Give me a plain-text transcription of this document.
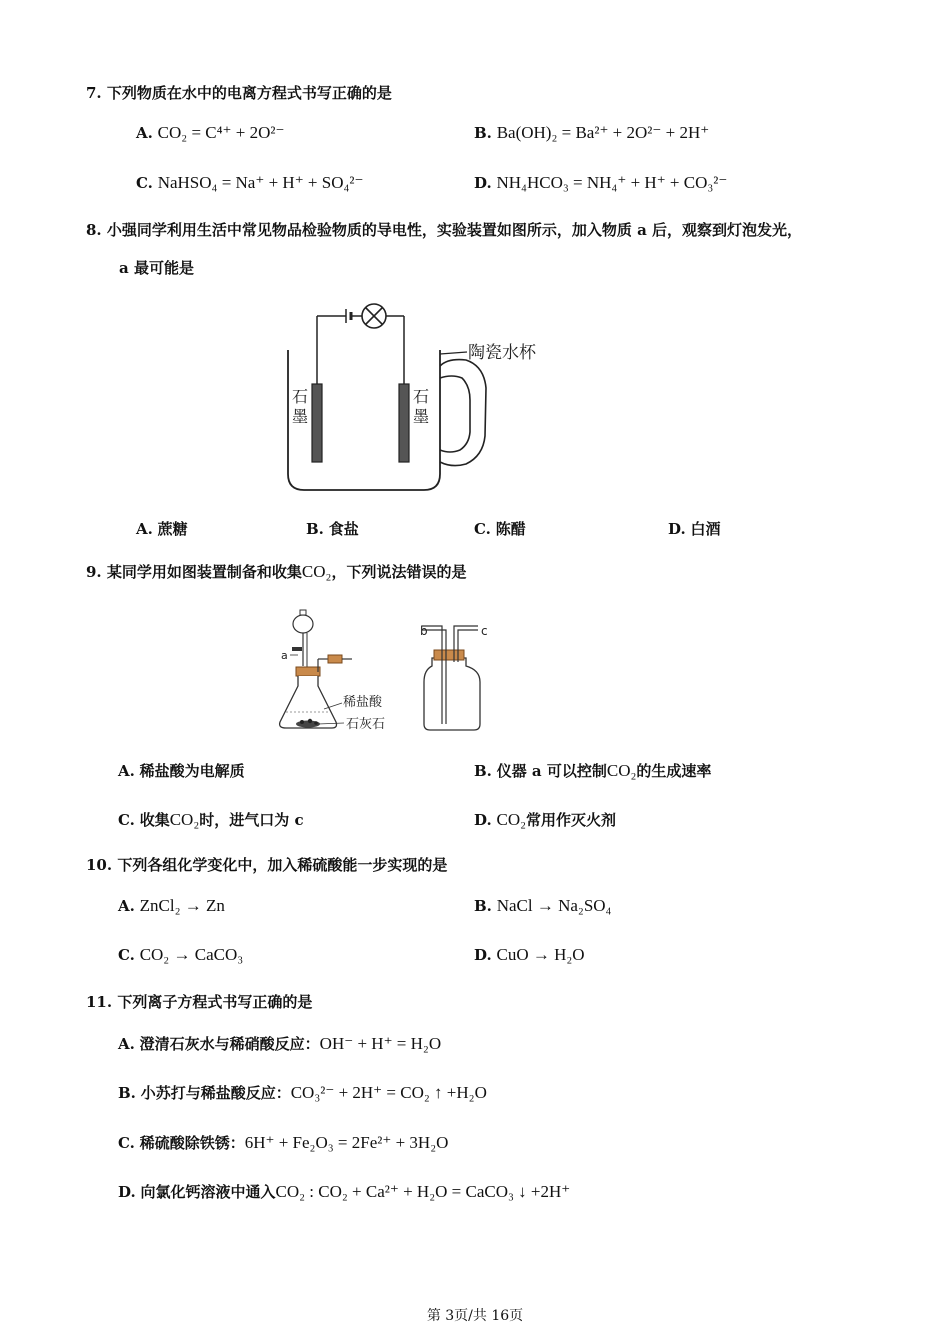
7. 下列物质在水中的电离方程式书写正确的是
A. CO₂ = C⁴⁺ + 2O²⁻	B. Ba(OH)₂ = Ba²⁺ + 2O²⁻ + 2H⁺
C. NaHSO₄ = Na⁺ + H⁺ + SO₄²⁻	D. NH₄HCO₃ = NH₄⁺ + H⁺ + CO₃²⁻
8. 小强同学利用生活中常见物品检验物质的导电性，实验装置如图所示，加入物质 a 后，观察到灯泡发光，
a 最可能是
陶瓷水杯
石
墨
石
墨
A. 蔗糖	B. 食盐	C. 陈醋	D. 白酒
9. 某同学用如图装置制备和收集CO₂，下列说法错误的是
a
b	c
稀盐酸
石灰石
A. 稀盐酸为电解质	B. 仪器 a 可以控制CO₂的生成速率
C. 收集CO₂时，进气口为 c	D. CO₂常用作灭火剂
10. 下列各组化学变化中，加入稀硫酸能一步实现的是
A. ZnCl₂ → Zn	B. NaCl → Na₂SO₄
C. CO₂ → CaCO₃	D. CuO → H₂O
11. 下列离子方程式书写正确的是
A. 澄清石灰水与稀硝酸反应：OH⁻ + H⁺ = H₂O
B. 小苏打与稀盐酸反应：CO₃²⁻ + 2H⁺ = CO₂ ↑ +H₂O
C. 稀硫酸除铁锈：6H⁺ + Fe₂O₃ = 2Fe²⁺ + 3H₂O
D. 向氯化钙溶液中通入CO₂ : CO₂ + Ca²⁺ + H₂O = CaCO₃ ↓ +2H⁺
第 3页/共 16页
